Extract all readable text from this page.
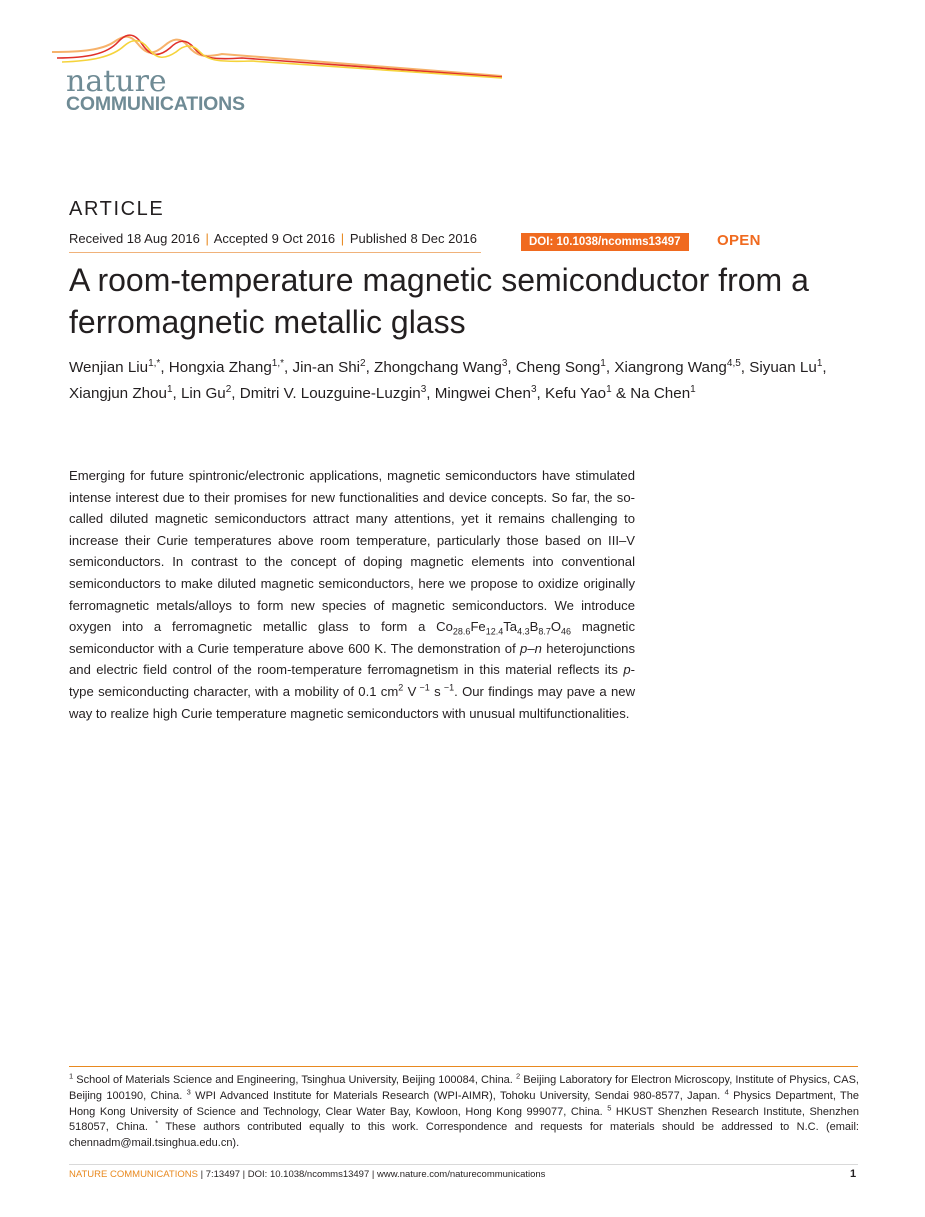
nature
COMMUNICATIONS
ARTICLE
Received 18 Aug 2016 | Accepted 9 Oct 2016 | Published 8 Dec 2016	DOI: 10.1038/ncomms13497	OPEN
A room-temperature magnetic semiconductor from a ferromagnetic metallic glass
Wenjian Liu$^{1,*}$, Hongxia Zhang$^{1,*}$, Jin-an Shi$^2$, Zhongchang Wang$^3$, Cheng Song$^1$, Xiangrong Wang$^{4,5}$, Siyuan Lu$^1$, Xiangjun Zhou$^1$, Lin Gu$^2$, Dmitri V. Louzguine-Luzgin$^3$, Mingwei Chen$^3$, Kefu Yao$^1$ & Na Chen$^1$
Emerging for future spintronic/electronic applications, magnetic semiconductors have stimulated intense interest due to their promises for new functionalities and device concepts. So far, the so-called diluted magnetic semiconductors attract many attentions, yet it remains challenging to increase their Curie temperatures above room temperature, particularly those based on III–V semiconductors. In contrast to the concept of doping magnetic elements into conventional semiconductors to make diluted magnetic semiconductors, here we propose to oxidize originally ferromagnetic metals/alloys to form new species of magnetic semiconductors. We introduce oxygen into a ferromagnetic metallic glass to form a $Co_{28.6}Fe_{12.4}Ta_{4.3}B_{8.7}O_{46}$ magnetic semiconductor with a Curie temperature above 600 K. The demonstration of p–n heterojunctions and electric field control of the room-temperature ferromagnetism in this material reflects its p-type semiconducting character, with a mobility of 0.1 $cm^2$ V $^{-1}$ s $^{-1}$. Our findings may pave a new way to realize high Curie temperature magnetic semiconductors with unusual multifunctionalities.
$^1$ School of Materials Science and Engineering, Tsinghua University, Beijing 100084, China. $^2$ Beijing Laboratory for Electron Microscopy, Institute of Physics, CAS, Beijing 100190, China. $^3$ WPI Advanced Institute for Materials Research (WPI-AIMR), Tohoku University, Sendai 980-8577, Japan. $^4$ Physics Department, The Hong Kong University of Science and Technology, Clear Water Bay, Kowloon, Hong Kong 999077, China. $^5$ HKUST Shenzhen Research Institute, Shenzhen 518057, China. * These authors contributed equally to this work. Correspondence and requests for materials should be addressed to N.C. (email: chennadm@mail.tsinghua.edu.cn).
NATURE COMMUNICATIONS | 7:13497 | DOI: 10.1038/ncomms13497 | www.nature.com/naturecommunications	1
